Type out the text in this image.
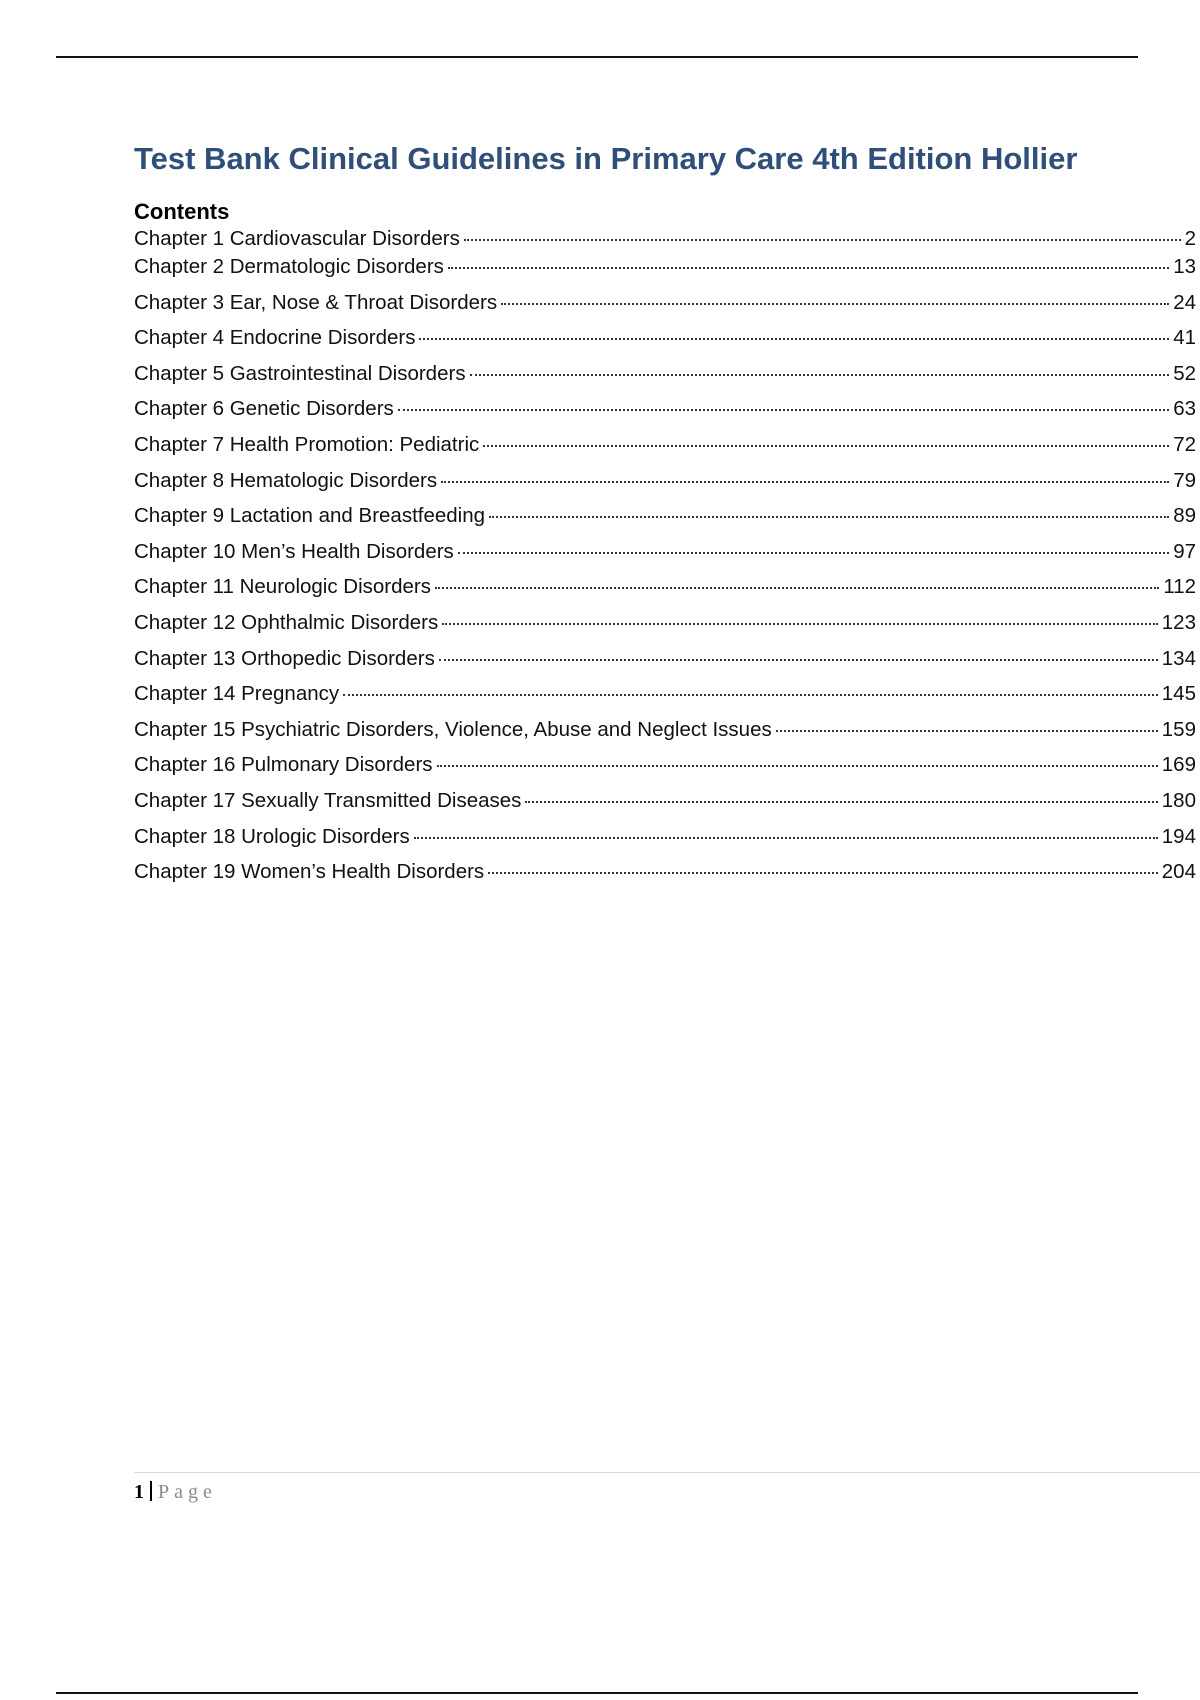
Test Bank Clinical Guidelines in Primary Care 4th Edition Hollier
Contents
Chapter 1 Cardiovascular Disorders	2
Chapter 2 Dermatologic Disorders	13
Chapter 3 Ear, Nose & Throat Disorders	24
Chapter 4 Endocrine Disorders	41
Chapter 5 Gastrointestinal Disorders	52
Chapter 6 Genetic Disorders	63
Chapter 7 Health Promotion: Pediatric	72
Chapter 8 Hematologic Disorders	79
Chapter 9 Lactation and Breastfeeding	89
Chapter 10 Men’s Health Disorders	97
Chapter 11 Neurologic Disorders	112
Chapter 12 Ophthalmic Disorders	123
Chapter 13 Orthopedic Disorders	134
Chapter 14 Pregnancy	145
Chapter 15 Psychiatric Disorders, Violence, Abuse and Neglect Issues	159
Chapter 16 Pulmonary Disorders	169
Chapter 17 Sexually Transmitted Diseases	180
Chapter 18 Urologic Disorders	194
Chapter 19 Women’s Health Disorders	204
1 Page
